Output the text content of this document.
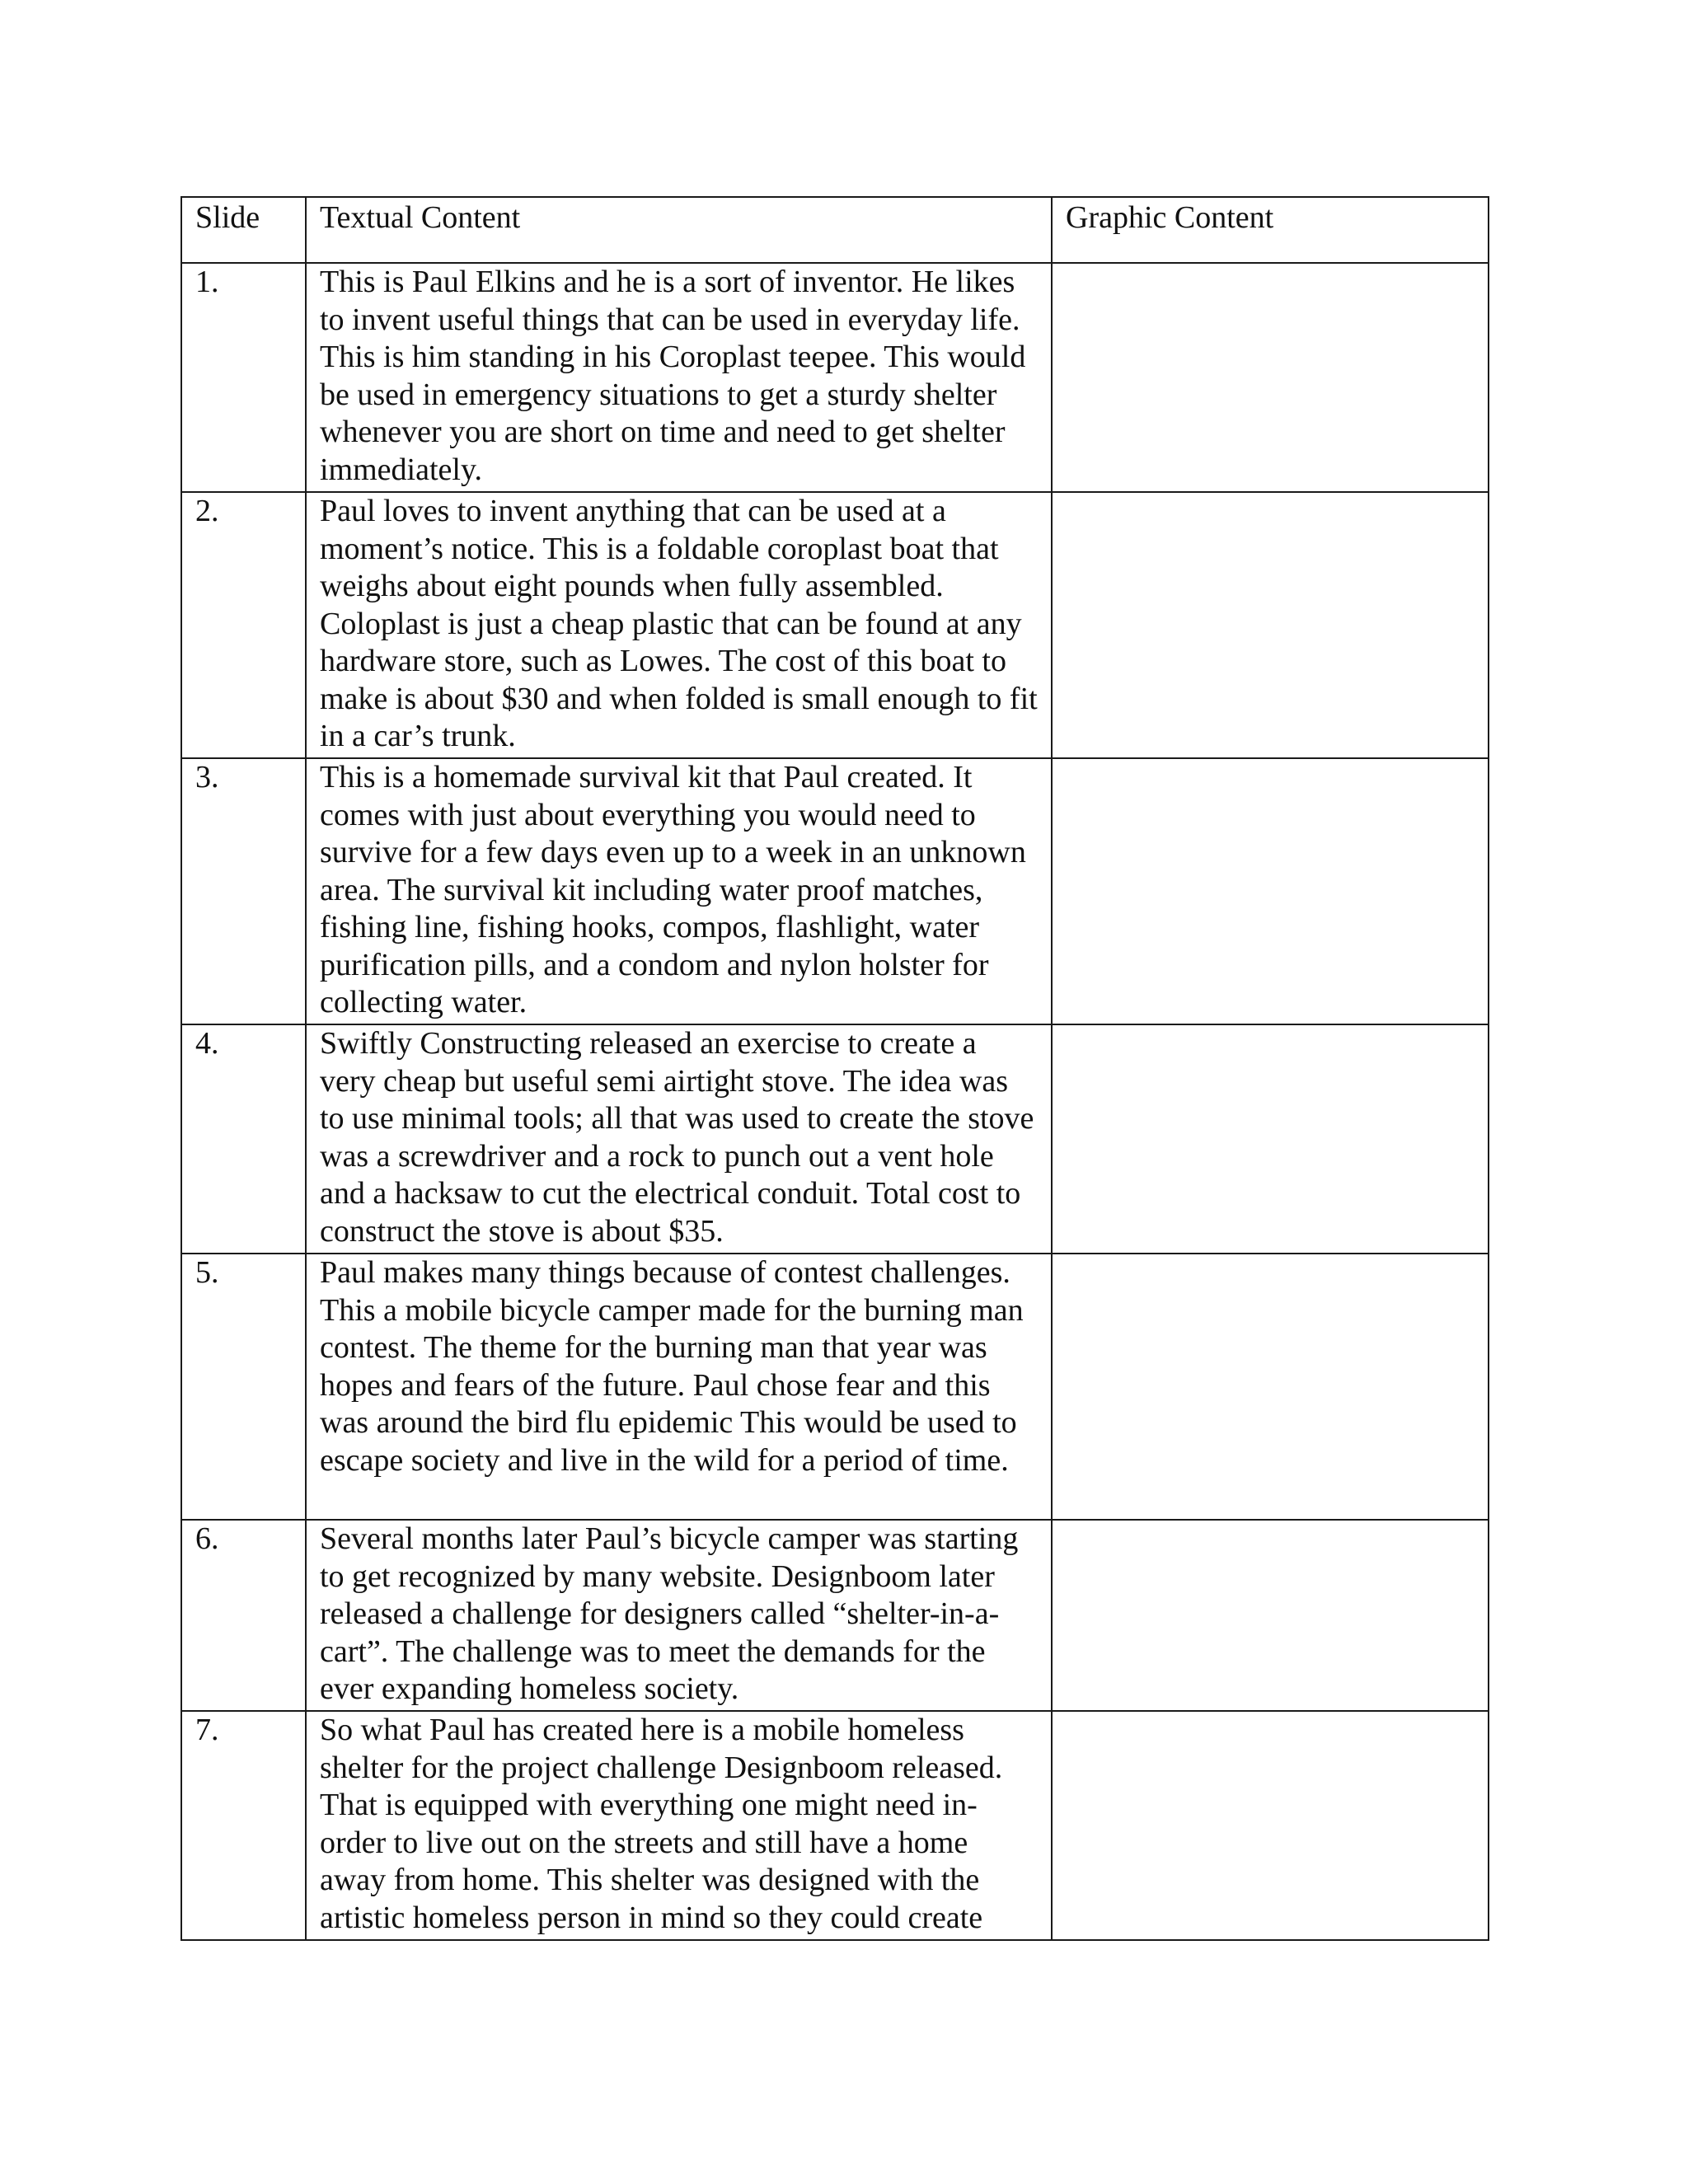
Slide	Textual Content	Graphic Content
1.	This is Paul Elkins and he is a sort of inventor. He likes to invent useful things that can be used in everyday life. This is him standing in his Coroplast teepee. This would be used in emergency situations to get a sturdy shelter whenever you are short on time and need to get shelter immediately.	
2.	Paul loves to invent anything that can be used at a moment’s notice. This is a foldable coroplast boat that weighs about eight pounds when fully assembled. Coloplast is just a cheap plastic that can be found at any hardware store, such as Lowes. The cost of this boat to make is about $30 and when folded is small enough to fit in a car’s trunk.	
3.	This is a homemade survival kit that Paul created. It comes with just about everything you would need to survive for a few days even up to a week in an unknown area. The survival kit including water proof matches, fishing line, fishing hooks, compos, flashlight, water purification pills, and a condom and nylon holster for collecting water.	
4.	Swiftly Constructing released an exercise to create a very cheap but useful semi airtight stove. The idea was to use minimal tools; all that was used to create the stove was a screwdriver and a rock to punch out a vent hole and a hacksaw to cut the electrical conduit. Total cost to construct the stove is about $35.	
5.	Paul makes many things because of contest challenges. This a mobile bicycle camper made for the burning man contest. The theme for the burning man that year was hopes and fears of the future. Paul chose fear and this was around the bird flu epidemic This would be used to escape society and live in the wild for a period of time.	
6.	Several months later Paul’s bicycle camper was starting to get recognized by many website. Designboom later released a challenge for designers called “shelter-in-a-cart”. The challenge was to meet the demands for the ever expanding homeless society.	
7.	So what Paul has created here is a mobile homeless shelter for the project challenge Designboom released. That is equipped with everything one might need in-order to live out on the streets and still have a home away from home. This shelter was designed with the artistic homeless person in mind so they could create	
